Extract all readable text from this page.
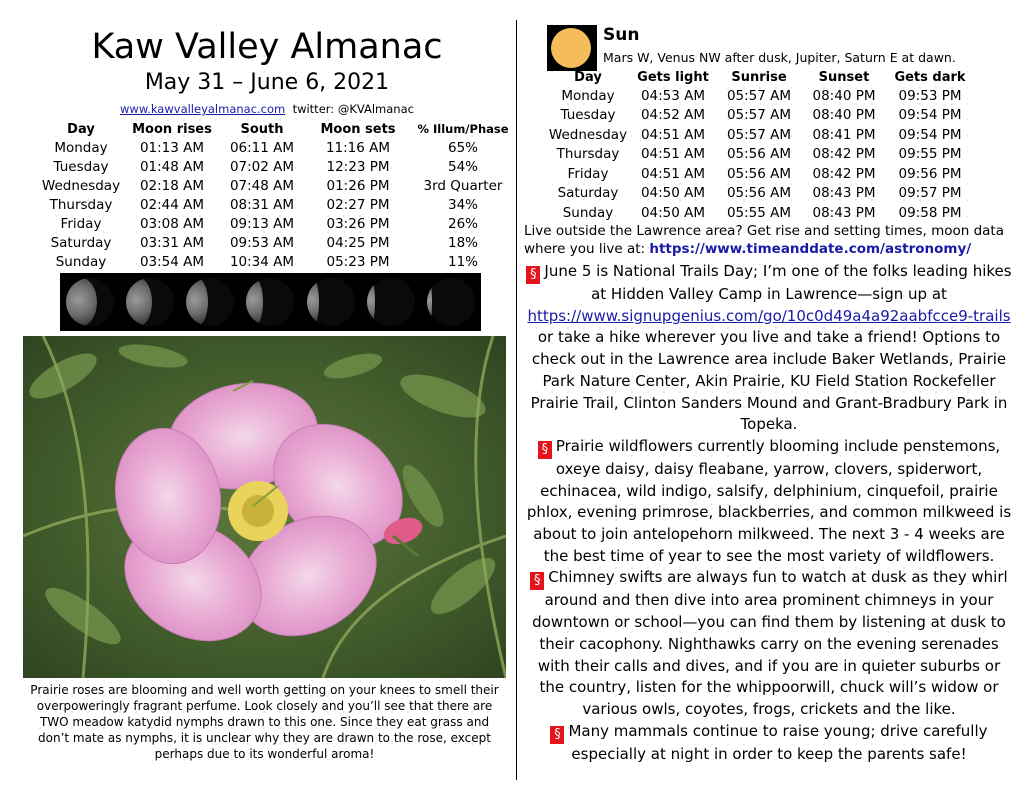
Kaw Valley Almanac
May 31 – June 6, 2021
www.kawvalleyalmanac.com twitter: @KVAlmanac
Day	Moon rises	South	Moon sets	% Illum/Phase
Monday	01:13 AM	06:11 AM	11:16 AM	65%
Tuesday	01:48 AM	07:02 AM	12:23 PM	54%
Wednesday	02:18 AM	07:48 AM	01:26 PM	3rd Quarter
Thursday	02:44 AM	08:31 AM	02:27 PM	34%
Friday	03:08 AM	09:13 AM	03:26 PM	26%
Saturday	03:31 AM	09:53 AM	04:25 PM	18%
Sunday	03:54 AM	10:34 AM	05:23 PM	11%
Prairie roses are blooming and well worth getting on your knees to smell their overpoweringly fragrant perfume. Look closely and you’ll see that there are TWO meadow katydid nymphs drawn to this one. Since they eat grass and don’t mate as nymphs, it is unclear why they are drawn to the rose, except perhaps due to its wonderful aroma!
Sun
Mars W, Venus NW after dusk, Jupiter, Saturn E at dawn.
Day	Gets light	Sunrise	Sunset	Gets dark
Monday	04:53 AM	05:57 AM	08:40 PM	09:53 PM
Tuesday	04:52 AM	05:57 AM	08:40 PM	09:54 PM
Wednesday	04:51 AM	05:57 AM	08:41 PM	09:54 PM
Thursday	04:51 AM	05:56 AM	08:42 PM	09:55 PM
Friday	04:51 AM	05:56 AM	08:42 PM	09:56 PM
Saturday	04:50 AM	05:56 AM	08:43 PM	09:57 PM
Sunday	04:50 AM	05:55 AM	08:43 PM	09:58 PM
Live outside the Lawrence area? Get rise and setting times, moon data where you live at: https://www.timeanddate.com/astronomy/

§ June 5 is National Trails Day; I’m one of the folks leading hikes at Hidden Valley Camp in Lawrence—sign up at https://www.signupgenius.com/go/10c0d49a4a92aabfcce9-trails or take a hike wherever you live and take a friend! Options to check out in the Lawrence area include Baker Wetlands, Prairie Park Nature Center, Akin Prairie, KU Field Station Rockefeller Prairie Trail, Clinton Sanders Mound and Grant-Bradbury Park in Topeka.

§ Prairie wildflowers currently blooming include penstemons, oxeye daisy, daisy fleabane, yarrow, clovers, spiderwort, echinacea, wild indigo, salsify, delphinium, cinquefoil, prairie phlox, evening primrose, blackberries, and common milkweed is about to join antelopehorn milkweed. The next 3 - 4 weeks are the best time of year to see the most variety of wildflowers.

§ Chimney swifts are always fun to watch at dusk as they whirl around and then dive into area prominent chimneys in your downtown or school—you can find them by listening at dusk to their cacophony. Nighthawks carry on the evening serenades with their calls and dives, and if you are in quieter suburbs or the country, listen for the whippoorwill, chuck will’s widow or various owls, coyotes, frogs, crickets and the like.

§ Many mammals continue to raise young; drive carefully especially at night in order to keep the parents safe!
